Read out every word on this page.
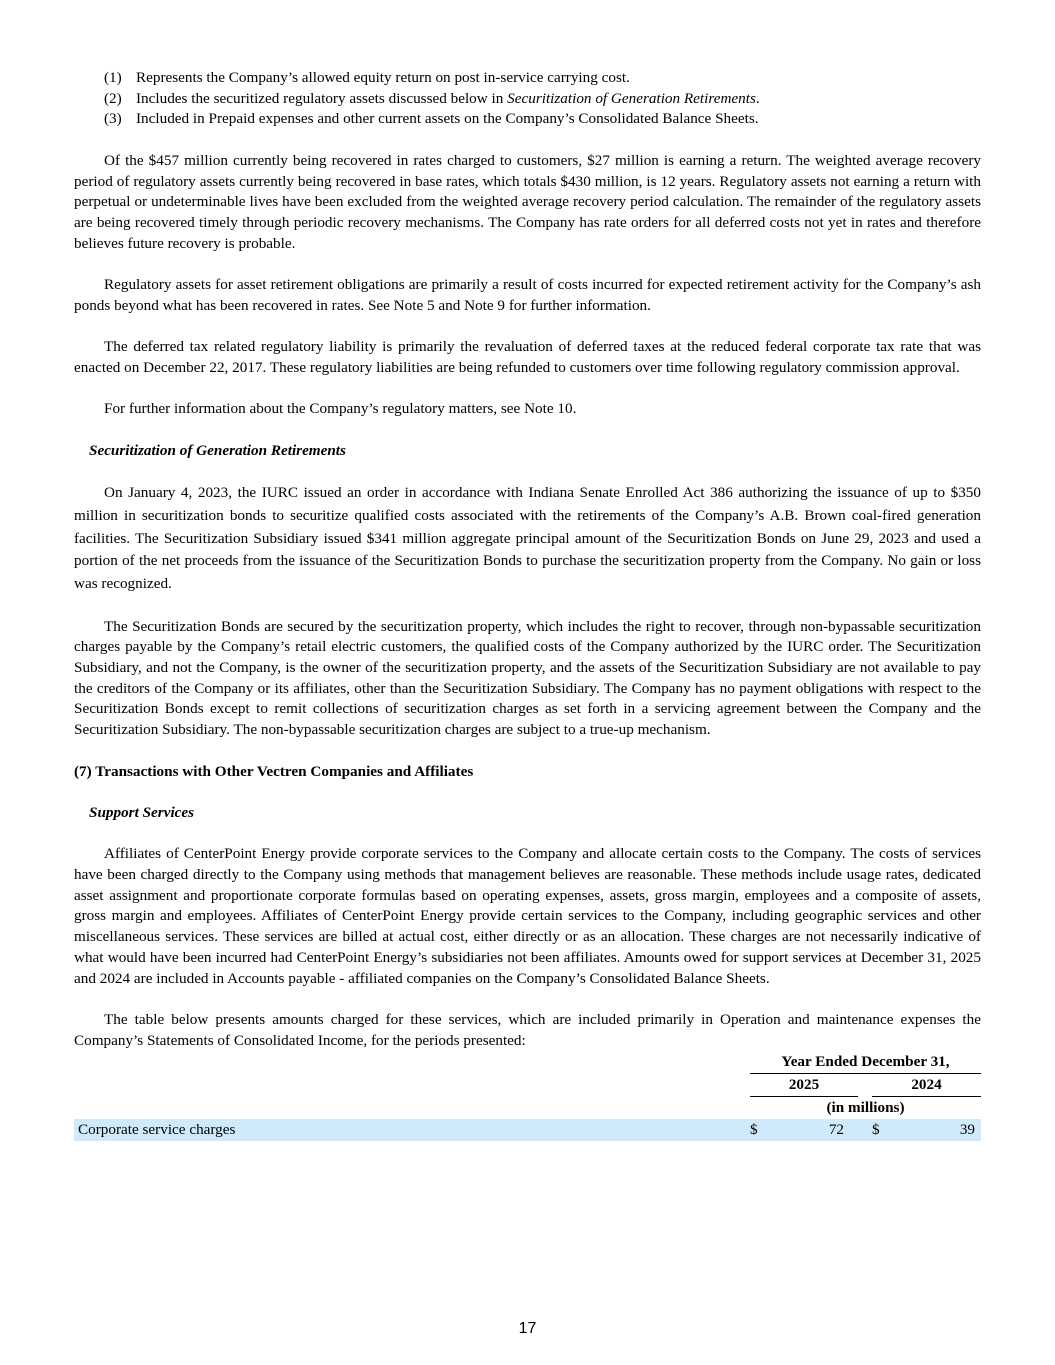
(1) Represents the Company’s allowed equity return on post in-service carrying cost.
(2) Includes the securitized regulatory assets discussed below in Securitization of Generation Retirements.
(3) Included in Prepaid expenses and other current assets on the Company’s Consolidated Balance Sheets.

Of the $457 million currently being recovered in rates charged to customers, $27 million is earning a return. The weighted average recovery period of regulatory assets currently being recovered in base rates, which totals $430 million, is 12 years. Regulatory assets not earning a return with perpetual or undeterminable lives have been excluded from the weighted average recovery period calculation. The remainder of the regulatory assets are being recovered timely through periodic recovery mechanisms. The Company has rate orders for all deferred costs not yet in rates and therefore believes future recovery is probable.

Regulatory assets for asset retirement obligations are primarily a result of costs incurred for expected retirement activity for the Company’s ash ponds beyond what has been recovered in rates. See Note 5 and Note 9 for further information.

The deferred tax related regulatory liability is primarily the revaluation of deferred taxes at the reduced federal corporate tax rate that was enacted on December 22, 2017. These regulatory liabilities are being refunded to customers over time following regulatory commission approval.

For further information about the Company’s regulatory matters, see Note 10.

Securitization of Generation Retirements

On January 4, 2023, the IURC issued an order in accordance with Indiana Senate Enrolled Act 386 authorizing the issuance of up to $350 million in securitization bonds to securitize qualified costs associated with the retirements of the Company’s A.B. Brown coal-fired generation facilities. The Securitization Subsidiary issued $341 million aggregate principal amount of the Securitization Bonds on June 29, 2023 and used a portion of the net proceeds from the issuance of the Securitization Bonds to purchase the securitization property from the Company. No gain or loss was recognized.

The Securitization Bonds are secured by the securitization property, which includes the right to recover, through non-bypassable securitization charges payable by the Company’s retail electric customers, the qualified costs of the Company authorized by the IURC order. The Securitization Subsidiary, and not the Company, is the owner of the securitization property, and the assets of the Securitization Subsidiary are not available to pay the creditors of the Company or its affiliates, other than the Securitization Subsidiary. The Company has no payment obligations with respect to the Securitization Bonds except to remit collections of securitization charges as set forth in a servicing agreement between the Company and the Securitization Subsidiary. The non-bypassable securitization charges are subject to a true-up mechanism.

(7) Transactions with Other Vectren Companies and Affiliates
Support Services

Affiliates of CenterPoint Energy provide corporate services to the Company and allocate certain costs to the Company. The costs of services have been charged directly to the Company using methods that management believes are reasonable. These methods include usage rates, dedicated asset assignment and proportionate corporate formulas based on operating expenses, assets, gross margin, employees and a composite of assets, gross margin and employees. Affiliates of CenterPoint Energy provide certain services to the Company, including geographic services and other miscellaneous services. These services are billed at actual cost, either directly or as an allocation. These charges are not necessarily indicative of what would have been incurred had CenterPoint Energy’s subsidiaries not been affiliates. Amounts owed for support services at December 31, 2025 and 2024 are included in Accounts payable - affiliated companies on the Company’s Consolidated Balance Sheets.

The table below presents amounts charged for these services, which are included primarily in Operation and maintenance expenses the Company’s Statements of Consolidated Income, for the periods presented:

	Year Ended December 31,				
	2025			2024	
	(in millions)				
Corporate service charges	$	72		$	39
17
